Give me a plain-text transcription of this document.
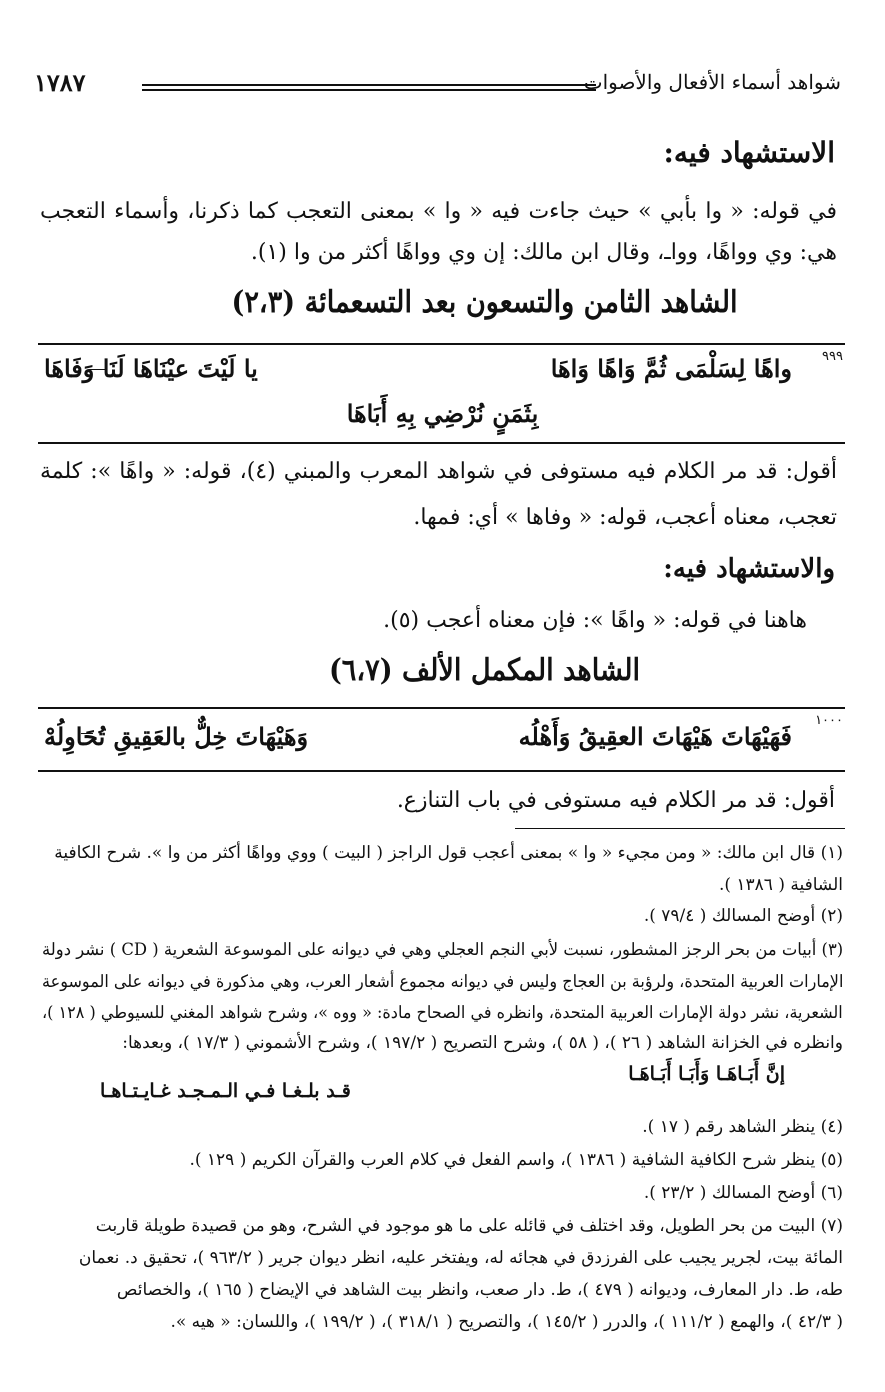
شواهد أسماء الأفعال والأصوات
١٧٨٧
الاستشهاد فيه:
في قوله: « وا بأبي » حيث جاءت فيه « وا » بمعنى التعجب كما ذكرنا، وأسماء التعجب
هي: وي وواهًا، وواـ، وقال ابن مالك: إن وي وواهًا أكثر من وا (١).
الشاهد الثامن والتسعون بعد التسعمائة (٢،٣)
٩٩٩
واهًا لِسَلْمَى ثُمَّ وَاهًا وَاهَا
يا لَيْتَ عيْنَاهَا لَنَا وَفَاهَا
بِثَمَنٍ نُرْضِي بِهِ أَبَاهَا
أقول: قد مر الكلام فيه مستوفى في شواهد المعرب والمبني (٤)، قوله: « واهًا »: كلمة
تعجب، معناه أعجب، قوله: « وفاها » أي: فمها.
والاستشهاد فيه:
هاهنا في قوله: « واهًا »: فإن معناه أعجب (٥).
الشاهد المكمل الألف (٦،٧)
١٠٠٠
فَهَيْهَاتَ هَيْهَاتَ العقِيقُ وَأَهْلُه
وَهَيْهَاتَ خِلٌّ بالعَقِيقِ تُحَاوِلُهْ
أقول: قد مر الكلام فيه مستوفى في باب التنازع.
(١) قال ابن مالك: « ومن مجيء « وا » بمعنى أعجب قول الراجز ( البيت ) ووي وواهًا أكثر من وا ». شرح الكافية
الشافية ( ١٣٨٦ ).
(٢) أوضح المسالك ( ٧٩/٤ ).
(٣) أبيات من بحر الرجز المشطور، نسبت لأبي النجم العجلي وهي في ديوانه على الموسوعة الشعرية ( CD ) نشر دولة
الإمارات العربية المتحدة، ولرؤبة بن العجاج وليس في ديوانه مجموع أشعار العرب، وهي مذكورة في ديوانه على الموسوعة
الشعرية، نشر دولة الإمارات العربية المتحدة، وانظره في الصحاح مادة: « ووه »، وشرح شواهد المغني للسيوطي ( ١٢٨ )،
وانظره في الخزانة الشاهد ( ٢٦ )، ( ٥٨ )، وشرح التصريح ( ١٩٧/٢ )، وشرح الأشموني ( ١٧/٣ )، وبعدها:
إنَّ أَبَـاهَـا وَأَبَـا أَبَـاهَـا
قـد بلـغـا فـي الـمـجـد غـايـتـاهـا
(٤) ينظر الشاهد رقم ( ١٧ ).
(٥) ينظر شرح الكافية الشافية ( ١٣٨٦ )، واسم الفعل في كلام العرب والقرآن الكريم ( ١٢٩ ).
(٦) أوضح المسالك ( ٢٣/٢ ).
(٧) البيت من بحر الطويل، وقد اختلف في قائله على ما هو موجود في الشرح، وهو من قصيدة طويلة قاربت
المائة بيت، لجرير يجيب على الفرزدق في هجائه له، ويفتخر عليه، انظر ديوان جرير ( ٩٦٣/٢ )، تحقيق د. نعمان
طه، ط. دار المعارف، وديوانه ( ٤٧٩ )، ط. دار صعب، وانظر بيت الشاهد في الإيضاح ( ١٦٥ )، والخصائص
( ٤٢/٣ )، والهمع ( ١١١/٢ )، والدرر ( ١٤٥/٢ )، والتصريح ( ٣١٨/١ )، ( ١٩٩/٢ )، واللسان: « هيه ».
